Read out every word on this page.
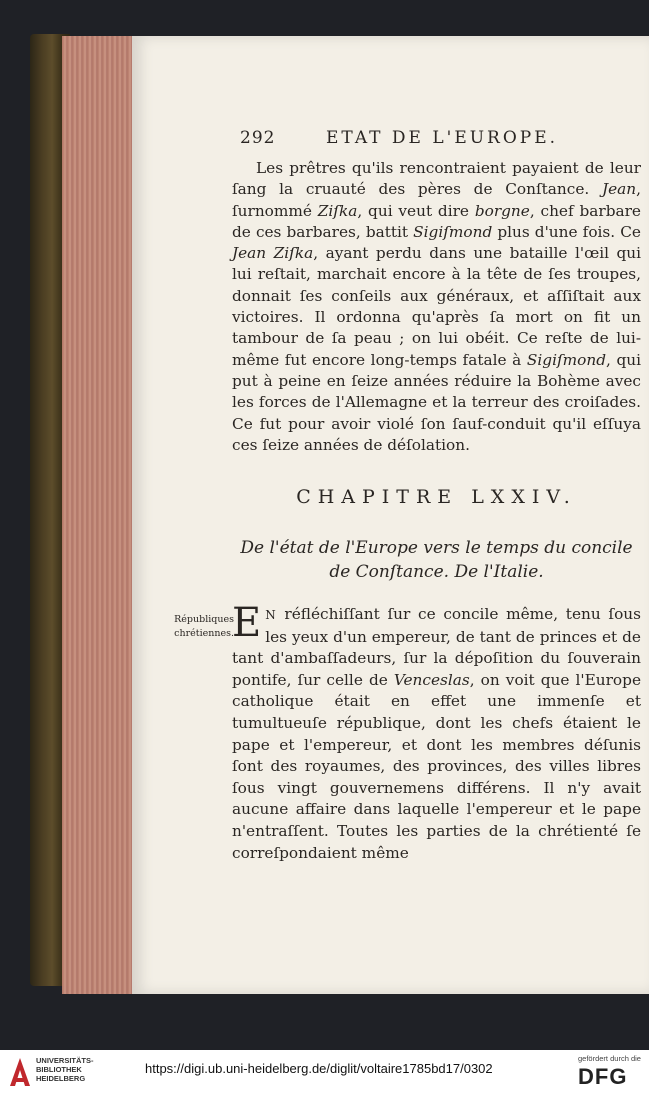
292	ETAT DE L'EUROPE.

Les prêtres qu'ils rencontraient payaient de leur ſang la cruauté des pères de Conſtance. Jean, ſurnommé Ziſka, qui veut dire borgne, chef barbare de ces barbares, battit Sigiſmond plus d'une fois. Ce Jean Ziſka, ayant perdu dans une bataille l'œil qui lui reſtait, marchait encore à la tête de ſes troupes, donnait ſes conſeils aux généraux, et aſſiſtait aux victoires. Il ordonna qu'après ſa mort on fit un tambour de ſa peau ; on lui obéit. Ce reſte de lui-même fut encore long-temps fatale à Sigiſmond, qui put à peine en ſeize années réduire la Bohème avec les forces de l'Allemagne et la terreur des croiſades. Ce fut pour avoir violé ſon ſauf-conduit qu'il eſſuya ces ſeize années de déſolation.

CHAPITRE LXXIV.
De l'état de l'Europe vers le temps du concile
de Conſtance. De l'Italie.
Républiques
chrétiennes.

E N réfléchiſſant ſur ce concile même, tenu ſous les yeux d'un empereur, de tant de princes et de tant d'ambaſſadeurs, ſur la dépoſition du ſouverain pontife, ſur celle de Venceslas, on voit que l'Europe catholique était en effet une immenſe et tumultueuſe république, dont les chefs étaient le pape et l'empereur, et dont les membres déſunis ſont des royaumes, des provinces, des villes libres ſous vingt gouvernemens différens. Il n'y avait aucune affaire dans laquelle l'empereur et le pape n'entraſſent. Toutes les parties de la chrétienté ſe correſpondaient même

UNIVERSITÄTS-
BIBLIOTHEK
HEIDELBERG
https://digi.ub.uni-heidelberg.de/diglit/voltaire1785bd17/0302
gefördert durch die
DFG
